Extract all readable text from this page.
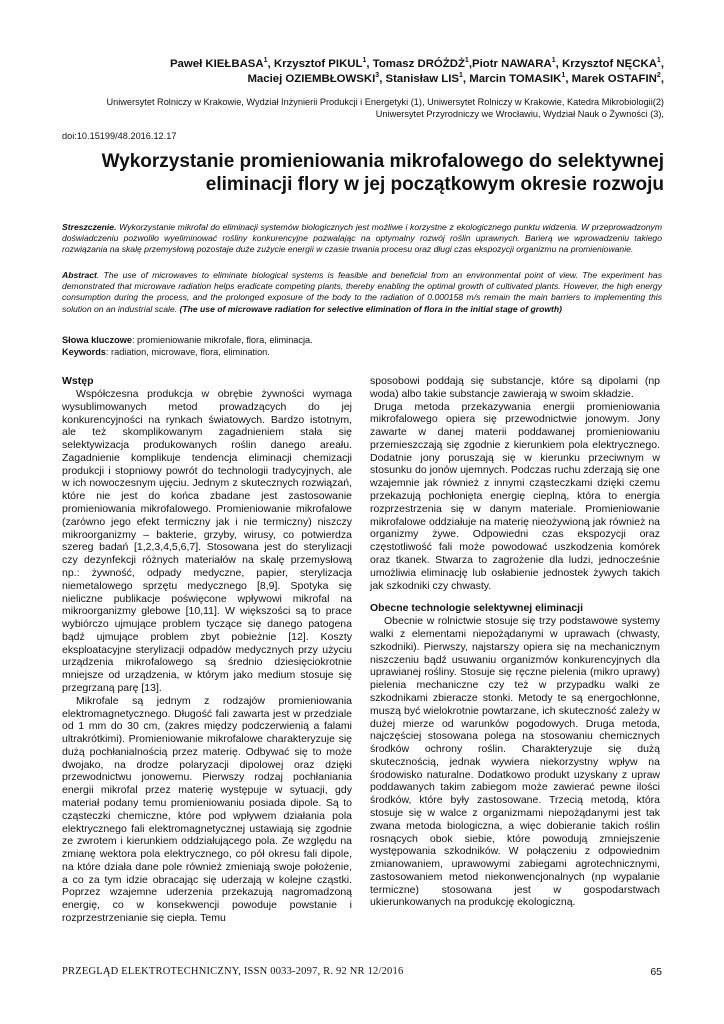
Paweł KIEŁBASA$^1$, Krzysztof PIKUL$^1$, Tomasz DRÓŻDŻ$^1$,Piotr NAWARA$^1$, Krzysztof NĘCKA$^1$,
Maciej OZIEMBŁOWSKI$^3$, Stanisław LIS$^1$, Marcin TOMASIK$^1$, Marek OSTAFIN$^2$,
Uniwersytet Rolniczy w Krakowie, Wydział Inżynierii Produkcji i Energetyki (1), Uniwersytet Rolniczy w Krakowie, Katedra Mikrobiologii(2)
Uniwersytet Przyrodniczy we Wrocławiu, Wydział Nauk o Żywności (3),
doi:10.15199/48.2016.12.17
Wykorzystanie promieniowania mikrofalowego do selektywnej
eliminacji flory w jej początkowym okresie rozwoju
Streszczenie. Wykorzystanie mikrofal do eliminacji systemów biologicznych jest możliwe i korzystne z ekologicznego punktu widzenia. W przeprowadzonym doświadczeniu pozwoliło wyeliminować rośliny konkurencyjne pozwalając na optymalny rozwój roślin uprawnych. Barierą we wprowadzeniu takiego rozwiązania na skalę przemysłową pozostaje duże zużycie energii w czasie trwania procesu oraz długi czas ekspozycji organizmu na promieniowanie.
Abstract. The use of microwaves to eliminate biological systems is feasible and beneficial from an environmental point of view. The experiment has demonstrated that microwave radiation helps eradicate competing plants, thereby enabling the optimal growth of cultivated plants. However, the high energy consumption during the process, and the prolonged exposure of the body to the radiation of 0.000158 m/s remain the main barriers to implementing this solution on an industrial scale. (The use of microwave radiation for selective elimination of flora in the initial stage of growth)
Słowa kluczowe: promieniowanie mikrofale, flora, eliminacja.
Keywords: radiation, microwave, flora, elimination.
Wstęp

Współczesna produkcja w obrębie żywności wymaga wysublimowanych metod prowadzących do jej konkurencyjności na rynkach światowych. Bardzo istotnym, ale też skomplikowanym zagadnieniem stała się selektywizacja produkowanych roślin danego areału. Zagadnienie komplikuje tendencja eliminacji chemizacji produkcji i stopniowy powrót do technologii tradycyjnych, ale w ich nowoczesnym ujęciu. Jednym z skutecznych rozwiązań, które nie jest do końca zbadane jest zastosowanie promieniowania mikrofalowego. Promieniowanie mikrofalowe (zarówno jego efekt termiczny jak i nie termiczny) niszczy mikroorganizmy – bakterie, grzyby, wirusy, co potwierdza szereg badań [1,2,3,4,5,6,7]. Stosowana jest do sterylizacji czy dezynfekcji różnych materiałów na skalę przemysłową np.: żywność, odpady medyczne, papier, sterylizacja niemetalowego sprzętu medycznego [8,9]. Spotyka się nieliczne publikacje poświęcone wpływowi mikrofal na mikroorganizmy glebowe [10,11]. W większości są to prace wybiórczo ujmujące problem tyczące się danego patogena bądź ujmujące problem zbyt pobieżnie [12]. Koszty eksploatacyjne sterylizacji odpadów medycznych przy użyciu urządzenia mikrofalowego są średnio dziesięciokrotnie mniejsze od urządzenia, w którym jako medium stosuje się przegrzaną parę [13].

Mikrofale są jednym z rodzajów promieniowania elektromagnetycznego. Długość fali zawarta jest w przedziale od 1 mm do 30 cm, (zakres między podczerwienią a falami ultrakrótkimi). Promieniowanie mikrofalowe charakteryzuje się dużą pochłanialnością przez materię. Odbywać się to może dwojako, na drodze polaryzacji dipolowej oraz dzięki przewodnictwu jonowemu. Pierwszy rodzaj pochłaniania energii mikrofal przez materię występuje w sytuacji, gdy materiał podany temu promieniowaniu posiada dipole. Są to cząsteczki chemiczne, które pod wpływem działania pola elektrycznego fali elektromagnetycznej ustawiają się zgodnie ze zwrotem i kierunkiem oddziałującego pola. Ze względu na zmianę wektora pola elektrycznego, co pół okresu fali dipole, na które działa dane pole również zmieniają swoje położenie, a co za tym idzie obracając się uderzają w kolejne cząstki. Poprzez wzajemne uderzenia przekazują nagromadzoną energię, co w konsekwencji powoduje powstanie i rozprzestrzenianie się ciepła. Temu

sposobowi poddają się substancje, które są dipolami (np woda) albo takie substancje zawierają w swoim składzie.

Druga metoda przekazywania energii promieniowania mikrofalowego opiera się przewodnictwie jonowym. Jony zawarte w danej materii poddawanej promieniowaniu przemieszczają się zgodnie z kierunkiem pola elektrycznego. Dodatnie jony poruszają się w kierunku przeciwnym w stosunku do jonów ujemnych. Podczas ruchu zderzają się one wzajemnie jak również z innymi cząsteczkami dzięki czemu przekazują pochłonięta energię cieplną, która to energia rozprzestrzenia się w danym materiale. Promieniowanie mikrofalowe oddziałuje na materię nieożywioną jak również na organizmy żywe. Odpowiedni czas ekspozycji oraz częstotliwość fali może powodować uszkodzenia komórek oraz tkanek. Stwarza to zagrożenie dla ludzi, jednocześnie umożliwia eliminację lub osłabienie jednostek żywych takich jak szkodniki czy chwasty.

Obecne technologie selektywnej eliminacji

Obecnie w rolnictwie stosuje się trzy podstawowe systemy walki z elementami niepożądanymi w uprawach (chwasty, szkodniki). Pierwszy, najstarszy opiera się na mechanicznym niszczeniu bądź usuwaniu organizmów konkurencyjnych dla uprawianej rośliny. Stosuje się ręczne pielenia (mikro uprawy) pielenia mechaniczne czy też w przypadku walki ze szkodnikami zbieracze stonki. Metody te są energochłonne, muszą być wielokrotnie powtarzane, ich skuteczność zależy w dużej mierze od warunków pogodowych. Druga metoda, najczęściej stosowana polega na stosowaniu chemicznych środków ochrony roślin. Charakteryzuje się dużą skutecznością, jednak wywiera niekorzystny wpływ na środowisko naturalne. Dodatkowo produkt uzyskany z upraw poddawanych takim zabiegom może zawierać pewne ilości środków, które były zastosowane. Trzecią metodą, która stosuje się w walce z organizmami niepożądanymi jest tak zwana metoda biologiczna, a więc dobieranie takich roślin rosnących obok siebie, które powodują zmniejszenie występowania szkodników. W połączeniu z odpowiednim zmianowaniem, uprawowymi zabiegami agrotechnicznymi, zastosowaniem metod niekonwencjonalnych (np wypalanie termiczne) stosowana jest w gospodarstwach ukierunkowanych na produkcję ekologiczną.

PRZEGLĄD ELEKTROTECHNICZNY, ISSN 0033-2097, R. 92 NR 12/2016	65
